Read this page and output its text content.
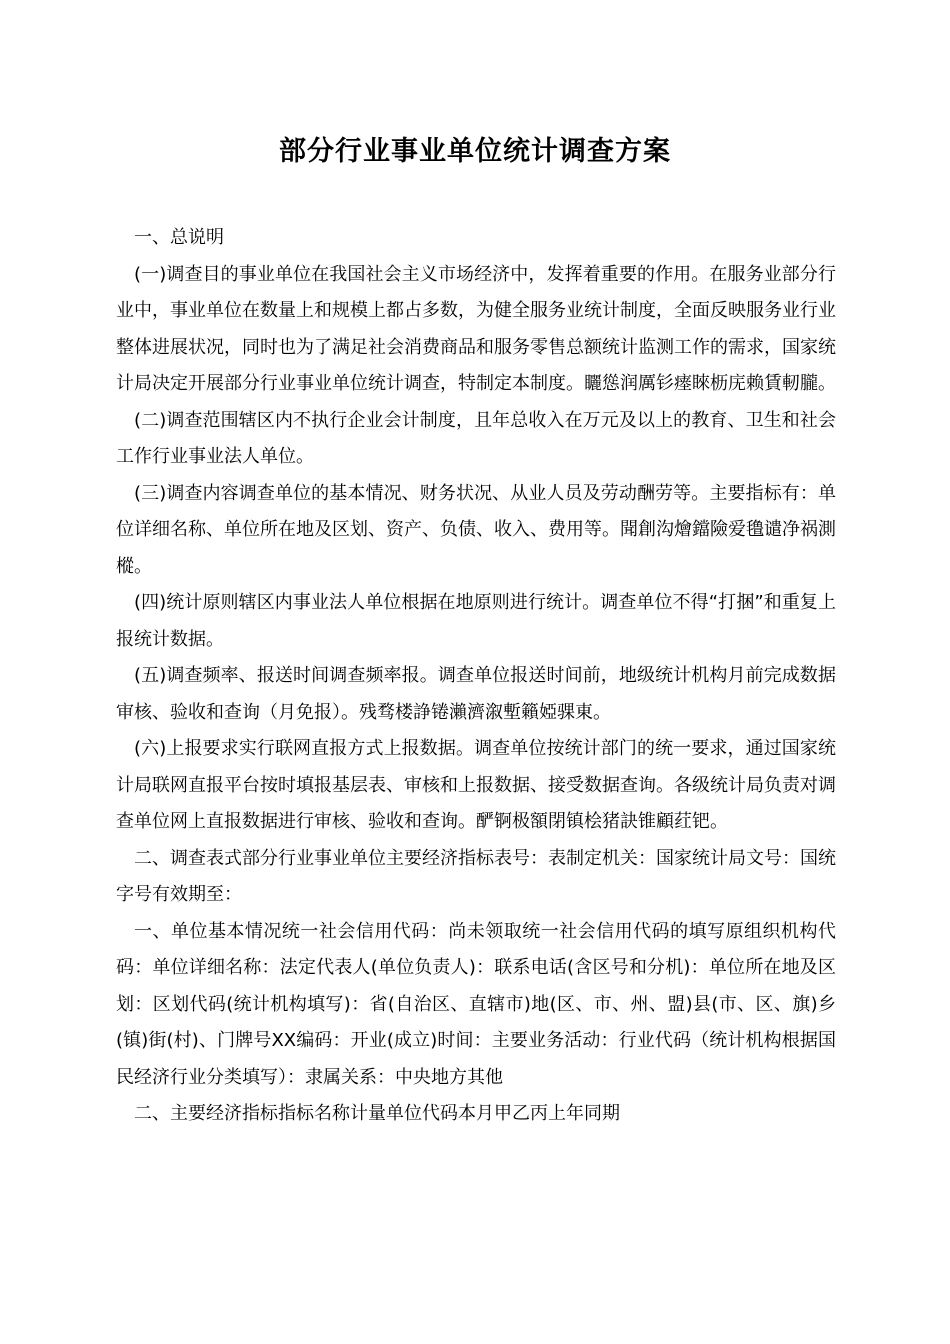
部分行业事业单位统计调查方案

一、总说明

(一)调查目的事业单位在我国社会主义市场经济中，发挥着重要的作用。在服务业部分行业中，事业单位在数量上和规模上都占多数，为健全服务业统计制度，全面反映服务业行业整体进展状况，同时也为了满足社会消费商品和服务零售总额统计监测工作的需求，国家统计局决定开展部分行业事业单位统计调查，特制定本制度。矖慫润厲钐瘗睞枥庑赖賃軔朧。

(二)调查范围辖区内不执行企业会计制度，且年总收入在万元及以上的教育、卫生和社会工作行业事业法人单位。

(三)调查内容调查单位的基本情况、财务状况、从业人员及劳动酬劳等。主要指标有：单位详细名称、单位所在地及区划、资产、负债、收入、费用等。聞創沟燴鐺險爱氇谴净祸測樅。

(四)统计原则辖区内事业法人单位根据在地原则进行统计。调查单位不得“打捆”和重复上报统计数据。

(五)调查频率、报送时间调查频率报。调查单位报送时间前，地级统计机构月前完成数据审核、验收和查询（月免报）。残骛楼諍锩瀨濟溆塹籟婭骒東。

(六)上报要求实行联网直报方式上报数据。调查单位按统计部门的统一要求，通过国家统计局联网直报平台按时填报基层表、审核和上报数据、接受数据查询。各级统计局负责对调查单位网上直报数据进行审核、验收和查询。酽锕极額閉镇桧猪訣锥顧荭钯。

二、调查表式部分行业事业单位主要经济指标表号：表制定机关：国家统计局文号：国统字号有效期至：

一、单位基本情况统一社会信用代码：尚未领取统一社会信用代码的填写原组织机构代码：单位详细名称：法定代表人(单位负责人)：联系电话(含区号和分机)：单位所在地及区划：区划代码(统计机构填写)：省(自治区、直辖市)地(区、市、州、盟)县(市、区、旗)乡(镇)街(村)、门牌号XX编码：开业(成立)时间：主要业务活动：行业代码（统计机构根据国民经济行业分类填写）：隶属关系：中央地方其他

二、主要经济指标指标名称计量单位代码本月甲乙丙上年同期
